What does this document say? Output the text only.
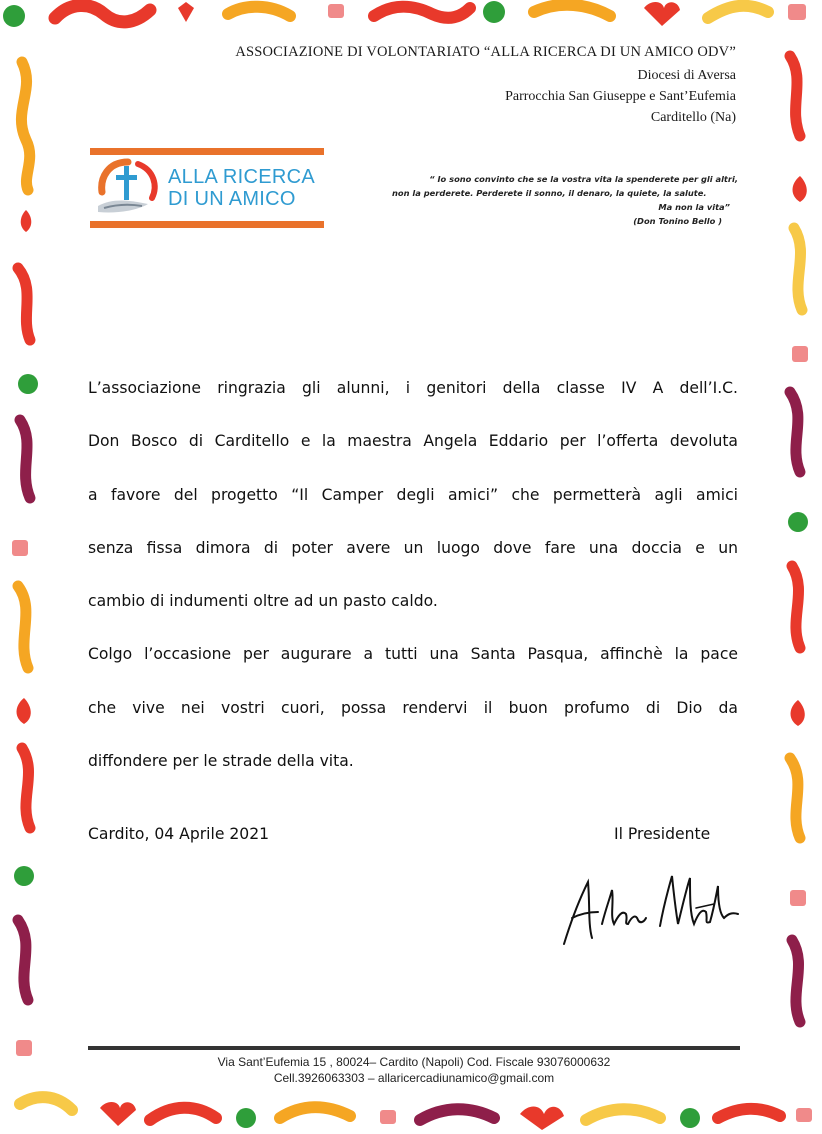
ASSOCIAZIONE DI VOLONTARIATO “ALLA RICERCA DI UN AMICO ODV”
Diocesi di Aversa
Parrocchia San Giuseppe e Sant’Eufemia
Carditello (Na)
ALLA RICERCA
DI UN AMICO
“ Io sono convinto che se la vostra vita la spenderete per gli altri,
non la perderete. Perderete il sonno, il denaro, la quiete, la salute.
Ma non la vita”
(Don Tonino Bello )
L’associazione ringrazia gli alunni, i genitori della classe IV A dell’I.C.
Don Bosco di Carditello e la maestra Angela Eddario per l’offerta devoluta
a favore del progetto “Il Camper degli amici” che permetterà agli amici
senza fissa dimora di poter avere un luogo dove fare una doccia e un
cambio di indumenti oltre ad un pasto caldo.
Colgo l’occasione per augurare a tutti una Santa Pasqua, affinchè la pace
che vive nei vostri cuori, possa rendervi il buon profumo di Dio da
diffondere per le strade della vita.
Cardito, 04 Aprile 2021	Il Presidente
Via Sant’Eufemia 15 , 80024– Cardito (Napoli) Cod. Fiscale 93076000632
Cell.3926063303 – allaricercadiunamico@gmail.com
